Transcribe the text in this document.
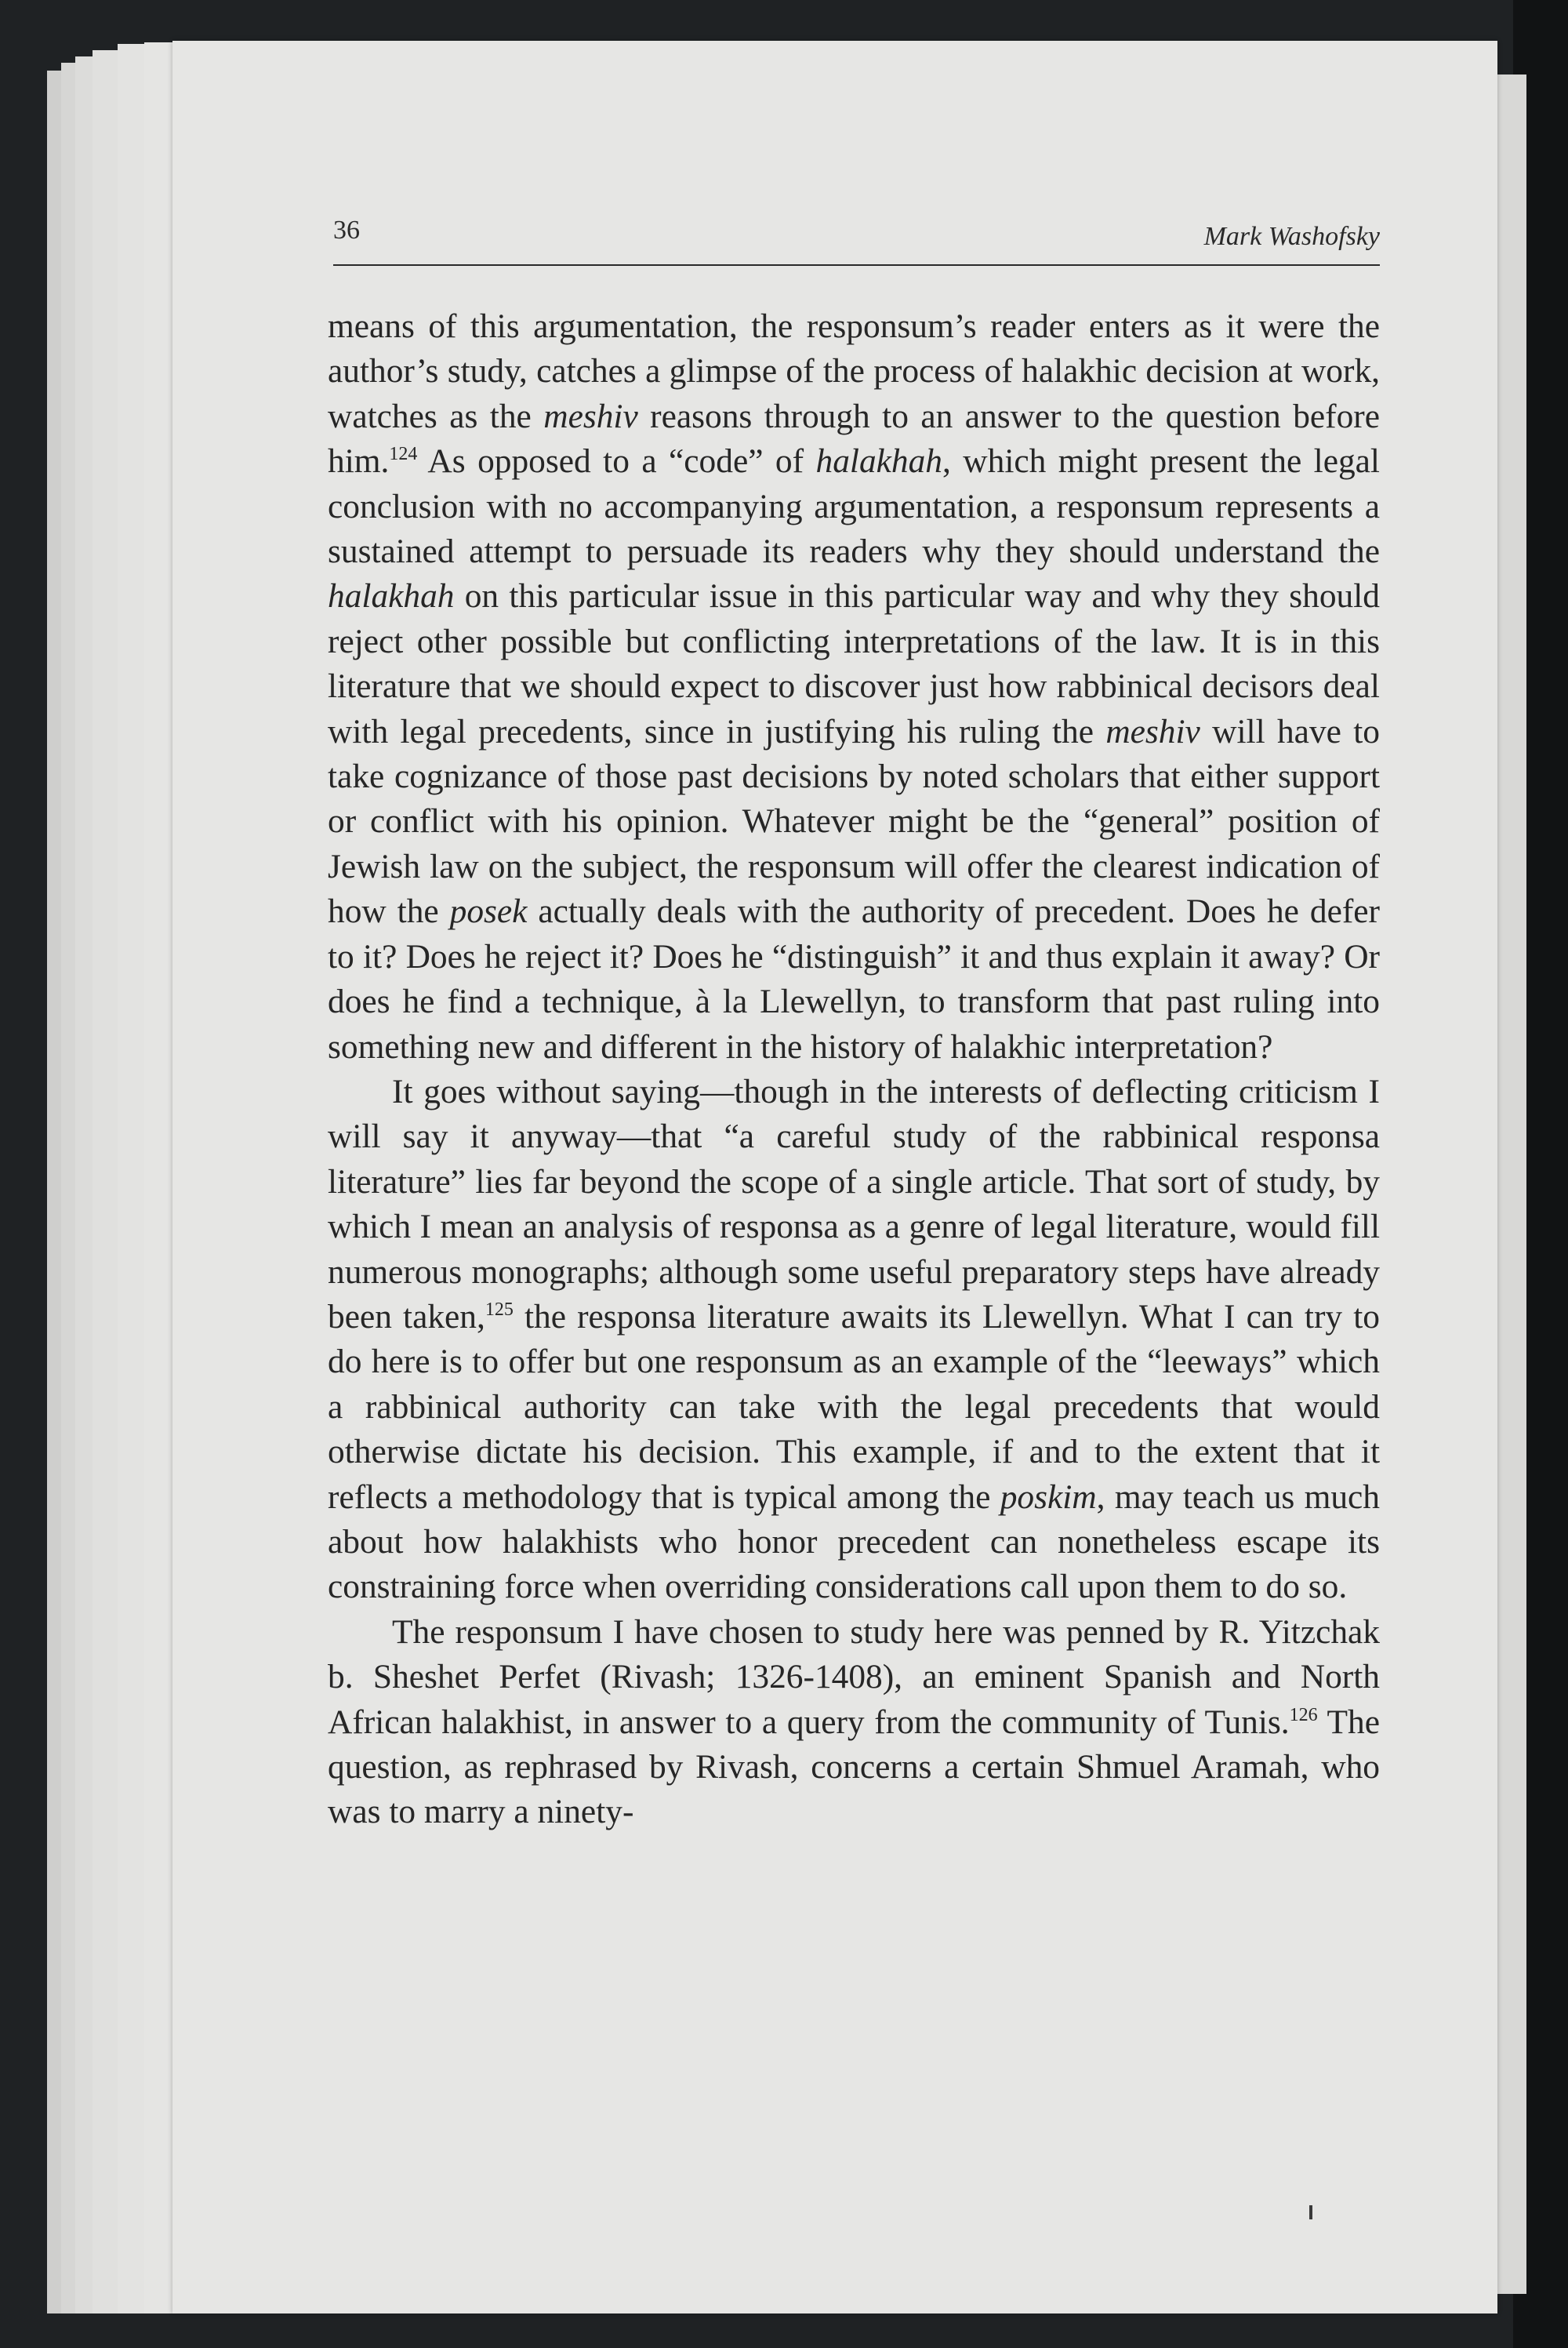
36	Mark Washofsky

means of this argumentation, the responsum’s reader enters as it were the author’s study, catches a glimpse of the process of halakhic decision at work, watches as the meshiv reasons through to an answer to the question before him.$^{124}$ As opposed to a “code” of halakhah, which might present the legal conclusion with no accompanying argumentation, a responsum represents a sustained attempt to persuade its readers why they should understand the halakhah on this particular issue in this particular way and why they should reject other possible but conflicting interpretations of the law. It is in this literature that we should expect to discover just how rabbinical decisors deal with legal precedents, since in justifying his ruling the meshiv will have to take cognizance of those past decisions by noted scholars that either support or conflict with his opinion. Whatever might be the “general” position of Jewish law on the subject, the responsum will offer the clearest indication of how the posek actually deals with the authority of precedent. Does he defer to it? Does he reject it? Does he “distinguish” it and thus explain it away? Or does he find a technique, à la Llewellyn, to transform that past ruling into something new and different in the history of halakhic interpretation?

It goes without saying—though in the interests of deflecting criticism I will say it anyway—that “a careful study of the rabbinical responsa literature” lies far beyond the scope of a single article. That sort of study, by which I mean an analysis of responsa as a genre of legal literature, would fill numerous monographs; although some useful preparatory steps have already been taken,$^{125}$ the responsa literature awaits its Llewellyn. What I can try to do here is to offer but one responsum as an example of the “leeways” which a rabbinical authority can take with the legal precedents that would otherwise dictate his decision. This example, if and to the extent that it reflects a methodology that is typical among the poskim, may teach us much about how halakhists who honor precedent can nonetheless escape its constraining force when overriding considerations call upon them to do so.

The responsum I have chosen to study here was penned by R. Yitzchak b. Sheshet Perfet (Rivash; 1326-1408), an eminent Spanish and North African halakhist, in answer to a query from the community of Tunis.$^{126}$ The question, as rephrased by Rivash, concerns a certain Shmuel Aramah, who was to marry a ninety-
